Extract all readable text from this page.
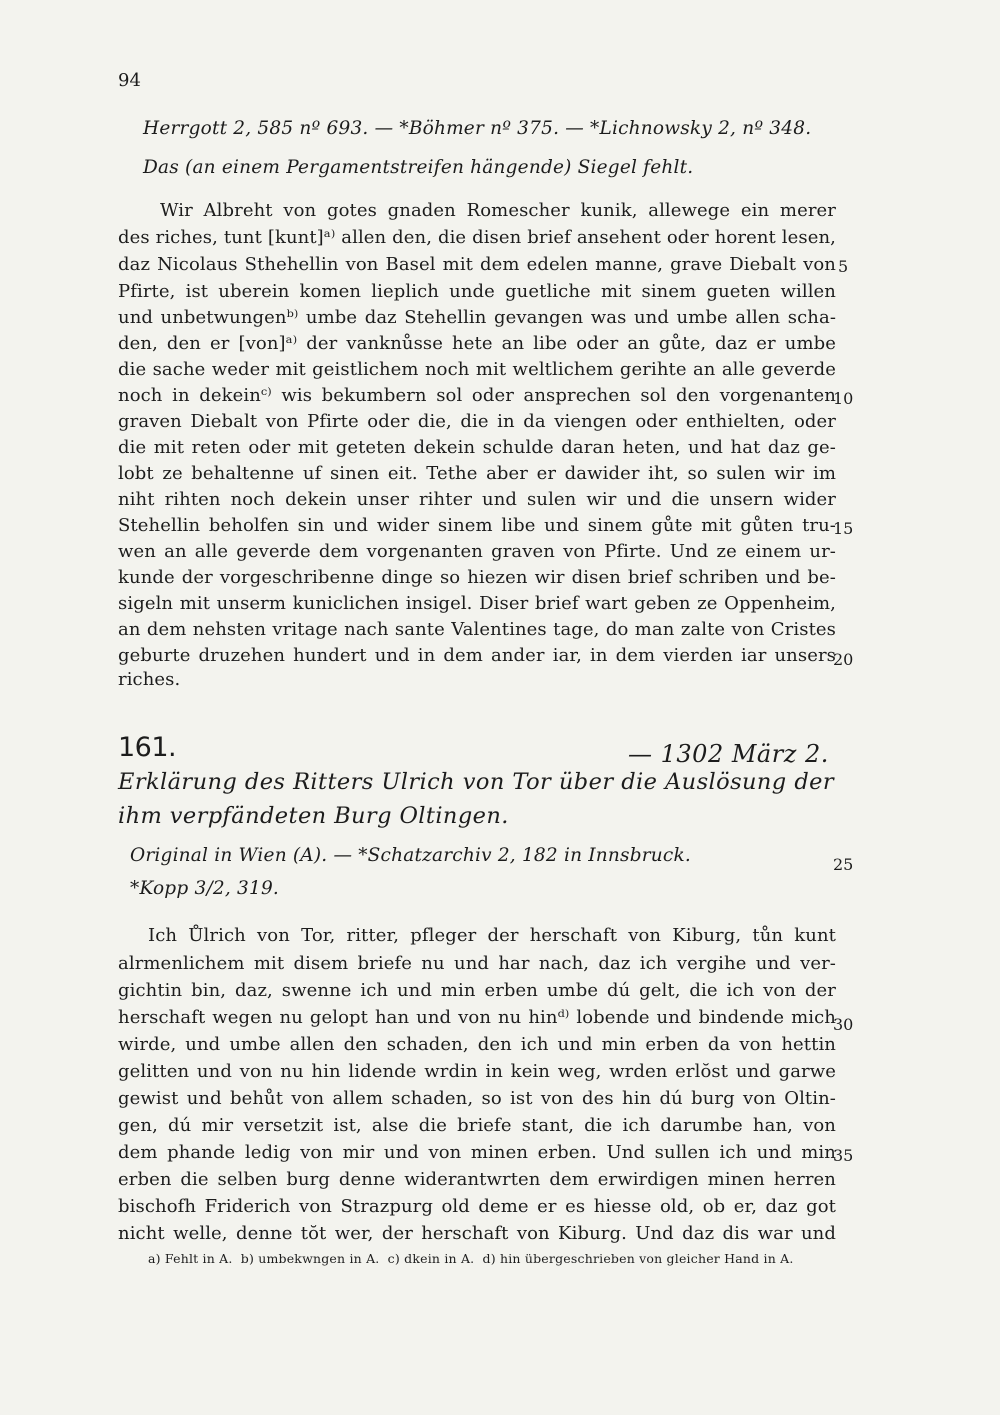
94
Herrgott 2, 585 nº 693. — *Böhmer nº 375. — *Lichnowsky 2, nº 348.
Das (an einem Pergamentstreifen hängende) Siegel fehlt.
Wir Albreht von gotes gnaden Romescher kunik, allewege ein merer
des riches, tunt [kunt]ᵃ⁾ allen den, die disen brief ansehent oder horent lesen,
daz Nicolaus Sthehellin von Basel mit dem edelen manne, grave Diebalt von
Pfirte, ist uberein komen lieplich unde guetliche mit sinem gueten willen
und unbetwungenᵇ⁾ umbe daz Stehellin gevangen was und umbe allen scha-
den, den er [von]ᵃ⁾ der vanknůsse hete an libe oder an gůte, daz er umbe
die sache weder mit geistlichem noch mit weltlichem gerihte an alle geverde
noch in dekeinᶜ⁾ wis bekumbern sol oder ansprechen sol den vorgenanten
graven Diebalt von Pfirte oder die, die in da viengen oder enthielten, oder
die mit reten oder mit geteten dekein schulde daran heten, und hat daz ge-
lobt ze behaltenne uf sinen eit. Tethe aber er dawider iht, so sulen wir im
niht rihten noch dekein unser rihter und sulen wir und die unsern wider
Stehellin beholfen sin und wider sinem libe und sinem gůte mit gůten tru-
wen an alle geverde dem vorgenanten graven von Pfirte. Und ze einem ur-
kunde der vorgeschribenne dinge so hiezen wir disen brief schriben und be-
sigeln mit unserm kuniclichen insigel. Diser brief wart geben ze Oppenheim,
an dem nehsten vritage nach sante Valentines tage, do man zalte von Cristes
geburte druzehen hundert und in dem ander iar, in dem vierden iar unsers
riches.
5
10
15
20
161.	— 1302 März 2.
Erklärung des Ritters Ulrich von Tor über die Auslösung der
ihm verpfändeten Burg Oltingen.
Original in Wien (A). — *Schatzarchiv 2, 182 in Innsbruck.
*Kopp 3/2, 319.
25
Ich Ůlrich von Tor, ritter, pfleger der herschaft von Kiburg, tůn kunt
alrmenlichem mit disem briefe nu und har nach, daz ich vergihe und ver-
gichtin bin, daz, swenne ich und min erben umbe dú gelt, die ich von der
herschaft wegen nu gelopt han und von nu hinᵈ⁾ lobende und bindende mich
wirde, und umbe allen den schaden, den ich und min erben da von hettin
gelitten und von nu hin lidende wrdin in kein weg, wrden erlŏst und garwe
gewist und behůt von allem schaden, so ist von des hin dú burg von Oltin-
gen, dú mir versetzit ist, alse die briefe stant, die ich darumbe han, von
dem phande ledig von mir und von minen erben. Und sullen ich und min
erben die selben burg denne widerantwrten dem erwirdigen minen herren
bischofh Friderich von Strazpurg old deme er es hiesse old, ob er, daz got
nicht welle, denne tŏt wer, der herschaft von Kiburg. Und daz dis war und
30
35
a) Fehlt in A. b) umbekwngen in A. c) dkein in A. d) hin übergeschrieben von gleicher Hand in A.
